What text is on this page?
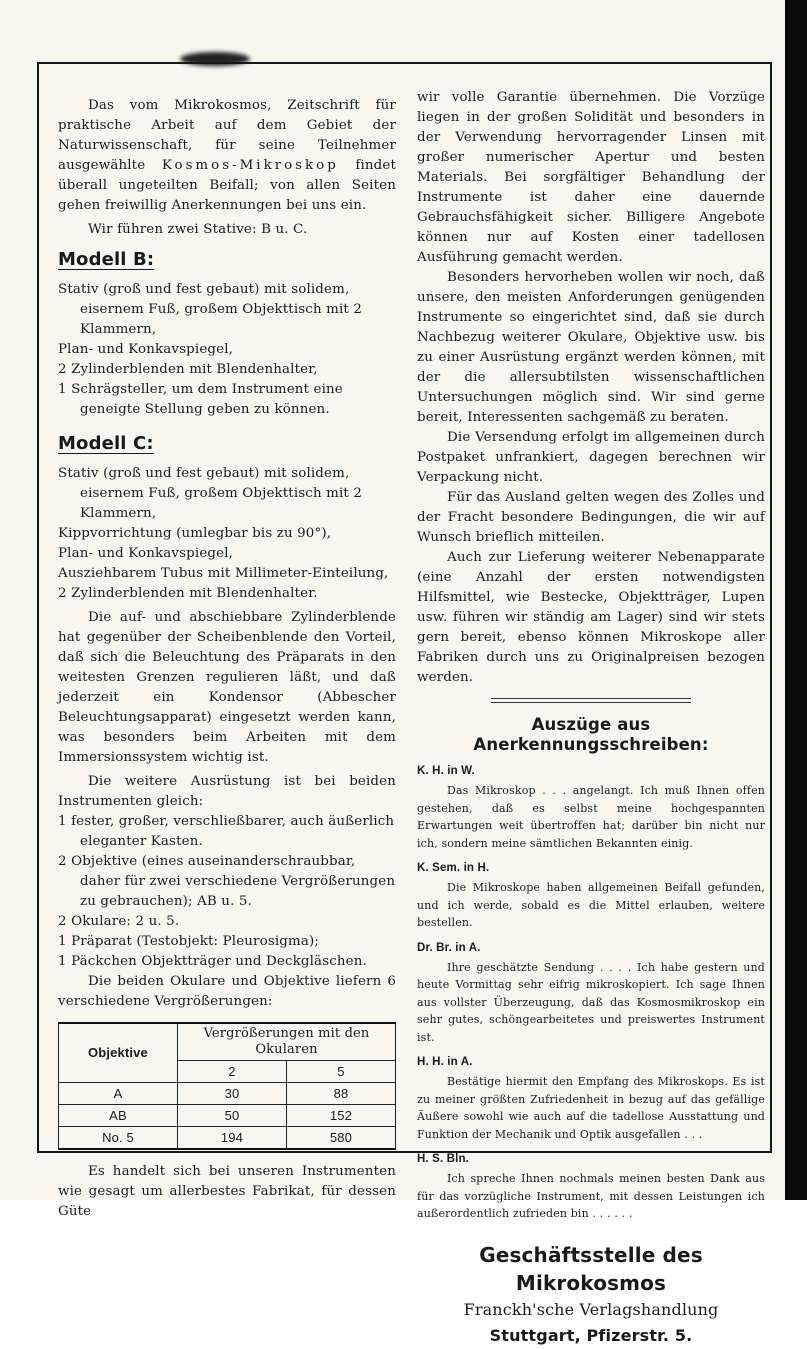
Das vom Mikrokosmos, Zeitschrift für praktische Arbeit auf dem Gebiet der Naturwissenschaft, für seine Teilnehmer ausgewählte Kosmos-Mikroskop findet überall ungeteilten Beifall; von allen Seiten gehen freiwillig Anerkennungen bei uns ein.

Wir führen zwei Stative: B u. C.

Modell B:
Stativ (groß und fest gebaut) mit solidem, eisernem Fuß, großem Objekttisch mit 2 Klammern,
Plan- und Konkavspiegel,
2 Zylinderblenden mit Blendenhalter,
1 Schrägsteller, um dem Instrument eine geneigte Stellung geben zu können.
Modell C:
Stativ (groß und fest gebaut) mit solidem, eisernem Fuß, großem Objekttisch mit 2 Klammern,
Kippvorrichtung (umlegbar bis zu 90°),
Plan- und Konkavspiegel,
Ausziehbarem Tubus mit Millimeter-Einteilung,
2 Zylinderblenden mit Blendenhalter.

Die auf- und abschiebbare Zylinderblende hat gegenüber der Scheibenblende den Vorteil, daß sich die Beleuchtung des Präparats in den weitesten Grenzen regulieren läßt, und daß jederzeit ein Kondensor (Abbescher Beleuchtungsapparat) eingesetzt werden kann, was besonders beim Arbeiten mit dem Immersionssystem wichtig ist.

Die weitere Ausrüstung ist bei beiden Instrumenten gleich:

1 fester, großer, verschließbarer, auch äußerlich eleganter Kasten.
2 Objektive (eines auseinanderschraubbar, daher für zwei verschiedene Vergrößerungen zu gebrauchen); AB u. 5.
2 Okulare: 2 u. 5.
1 Präparat (Testobjekt: Pleurosigma);
1 Päckchen Objektträger und Deckgläschen.

Die beiden Okulare und Objektive liefern 6 verschiedene Vergrößerungen:

Objektive	Vergrößerungen mit den Okularen	
	2	5
A	30	88
AB	50	152
No. 5	194	580

Es handelt sich bei unseren Instrumenten wie gesagt um allerbestes Fabrikat, für dessen Güte

wir volle Garantie übernehmen. Die Vorzüge liegen in der großen Solidität und besonders in der Verwendung hervorragender Linsen mit großer numerischer Apertur und besten Materials. Bei sorgfältiger Behandlung der Instrumente ist daher eine dauernde Gebrauchsfähigkeit sicher. Billigere Angebote können nur auf Kosten einer tadellosen Ausführung gemacht werden.

Besonders hervorheben wollen wir noch, daß unsere, den meisten Anforderungen genügenden Instrumente so eingerichtet sind, daß sie durch Nachbezug weiterer Okulare, Objektive usw. bis zu einer Ausrüstung ergänzt werden können, mit der die allersubtilsten wissenschaftlichen Untersuchungen möglich sind. Wir sind gerne bereit, Interessenten sachgemäß zu beraten.

Die Versendung erfolgt im allgemeinen durch Postpaket unfrankiert, dagegen berechnen wir Verpackung nicht.

Für das Ausland gelten wegen des Zolles und der Fracht besondere Bedingungen, die wir auf Wunsch brieflich mitteilen.

Auch zur Lieferung weiterer Nebenapparate (eine Anzahl der ersten notwendigsten Hilfsmittel, wie Bestecke, Objektträger, Lupen usw. führen wir ständig am Lager) sind wir stets gern bereit, ebenso können Mikroskope aller Fabriken durch uns zu Originalpreisen bezogen werden.

Auszüge aus Anerkennungsschreiben:
K. H. in W.

Das Mikroskop . . . angelangt. Ich muß Ihnen offen gestehen, daß es selbst meine hochgespannten Erwartungen weit übertroffen hat; darüber bin nicht nur ich, sondern meine sämtlichen Bekannten einig.

K. Sem. in H.

Die Mikroskope haben allgemeinen Beifall gefunden, und ich werde, sobald es die Mittel erlauben, weitere bestellen.

Dr. Br. in A.

Ihre geschätzte Sendung . . . . Ich habe gestern und heute Vormittag sehr eifrig mikroskopiert. Ich sage Ihnen aus vollster Überzeugung, daß das Kosmosmikroskop ein sehr gutes, schöngearbeitetes und preiswertes Instrument ist.

H. H. in A.

Bestätige hiermit den Empfang des Mikroskops. Es ist zu meiner größten Zufriedenheit in bezug auf das gefällige Äußere sowohl wie auch auf die tadellose Ausstattung und Funktion der Mechanik und Optik ausgefallen . . .

H. S. Bln.

Ich spreche Ihnen nochmals meinen besten Dank aus für das vorzügliche Instrument, mit dessen Leistungen ich außerordentlich zufrieden bin . . . . . .

Geschäftsstelle des Mikrokosmos
Franckh'sche Verlagshandlung
Stuttgart, Pfizerstr. 5.
